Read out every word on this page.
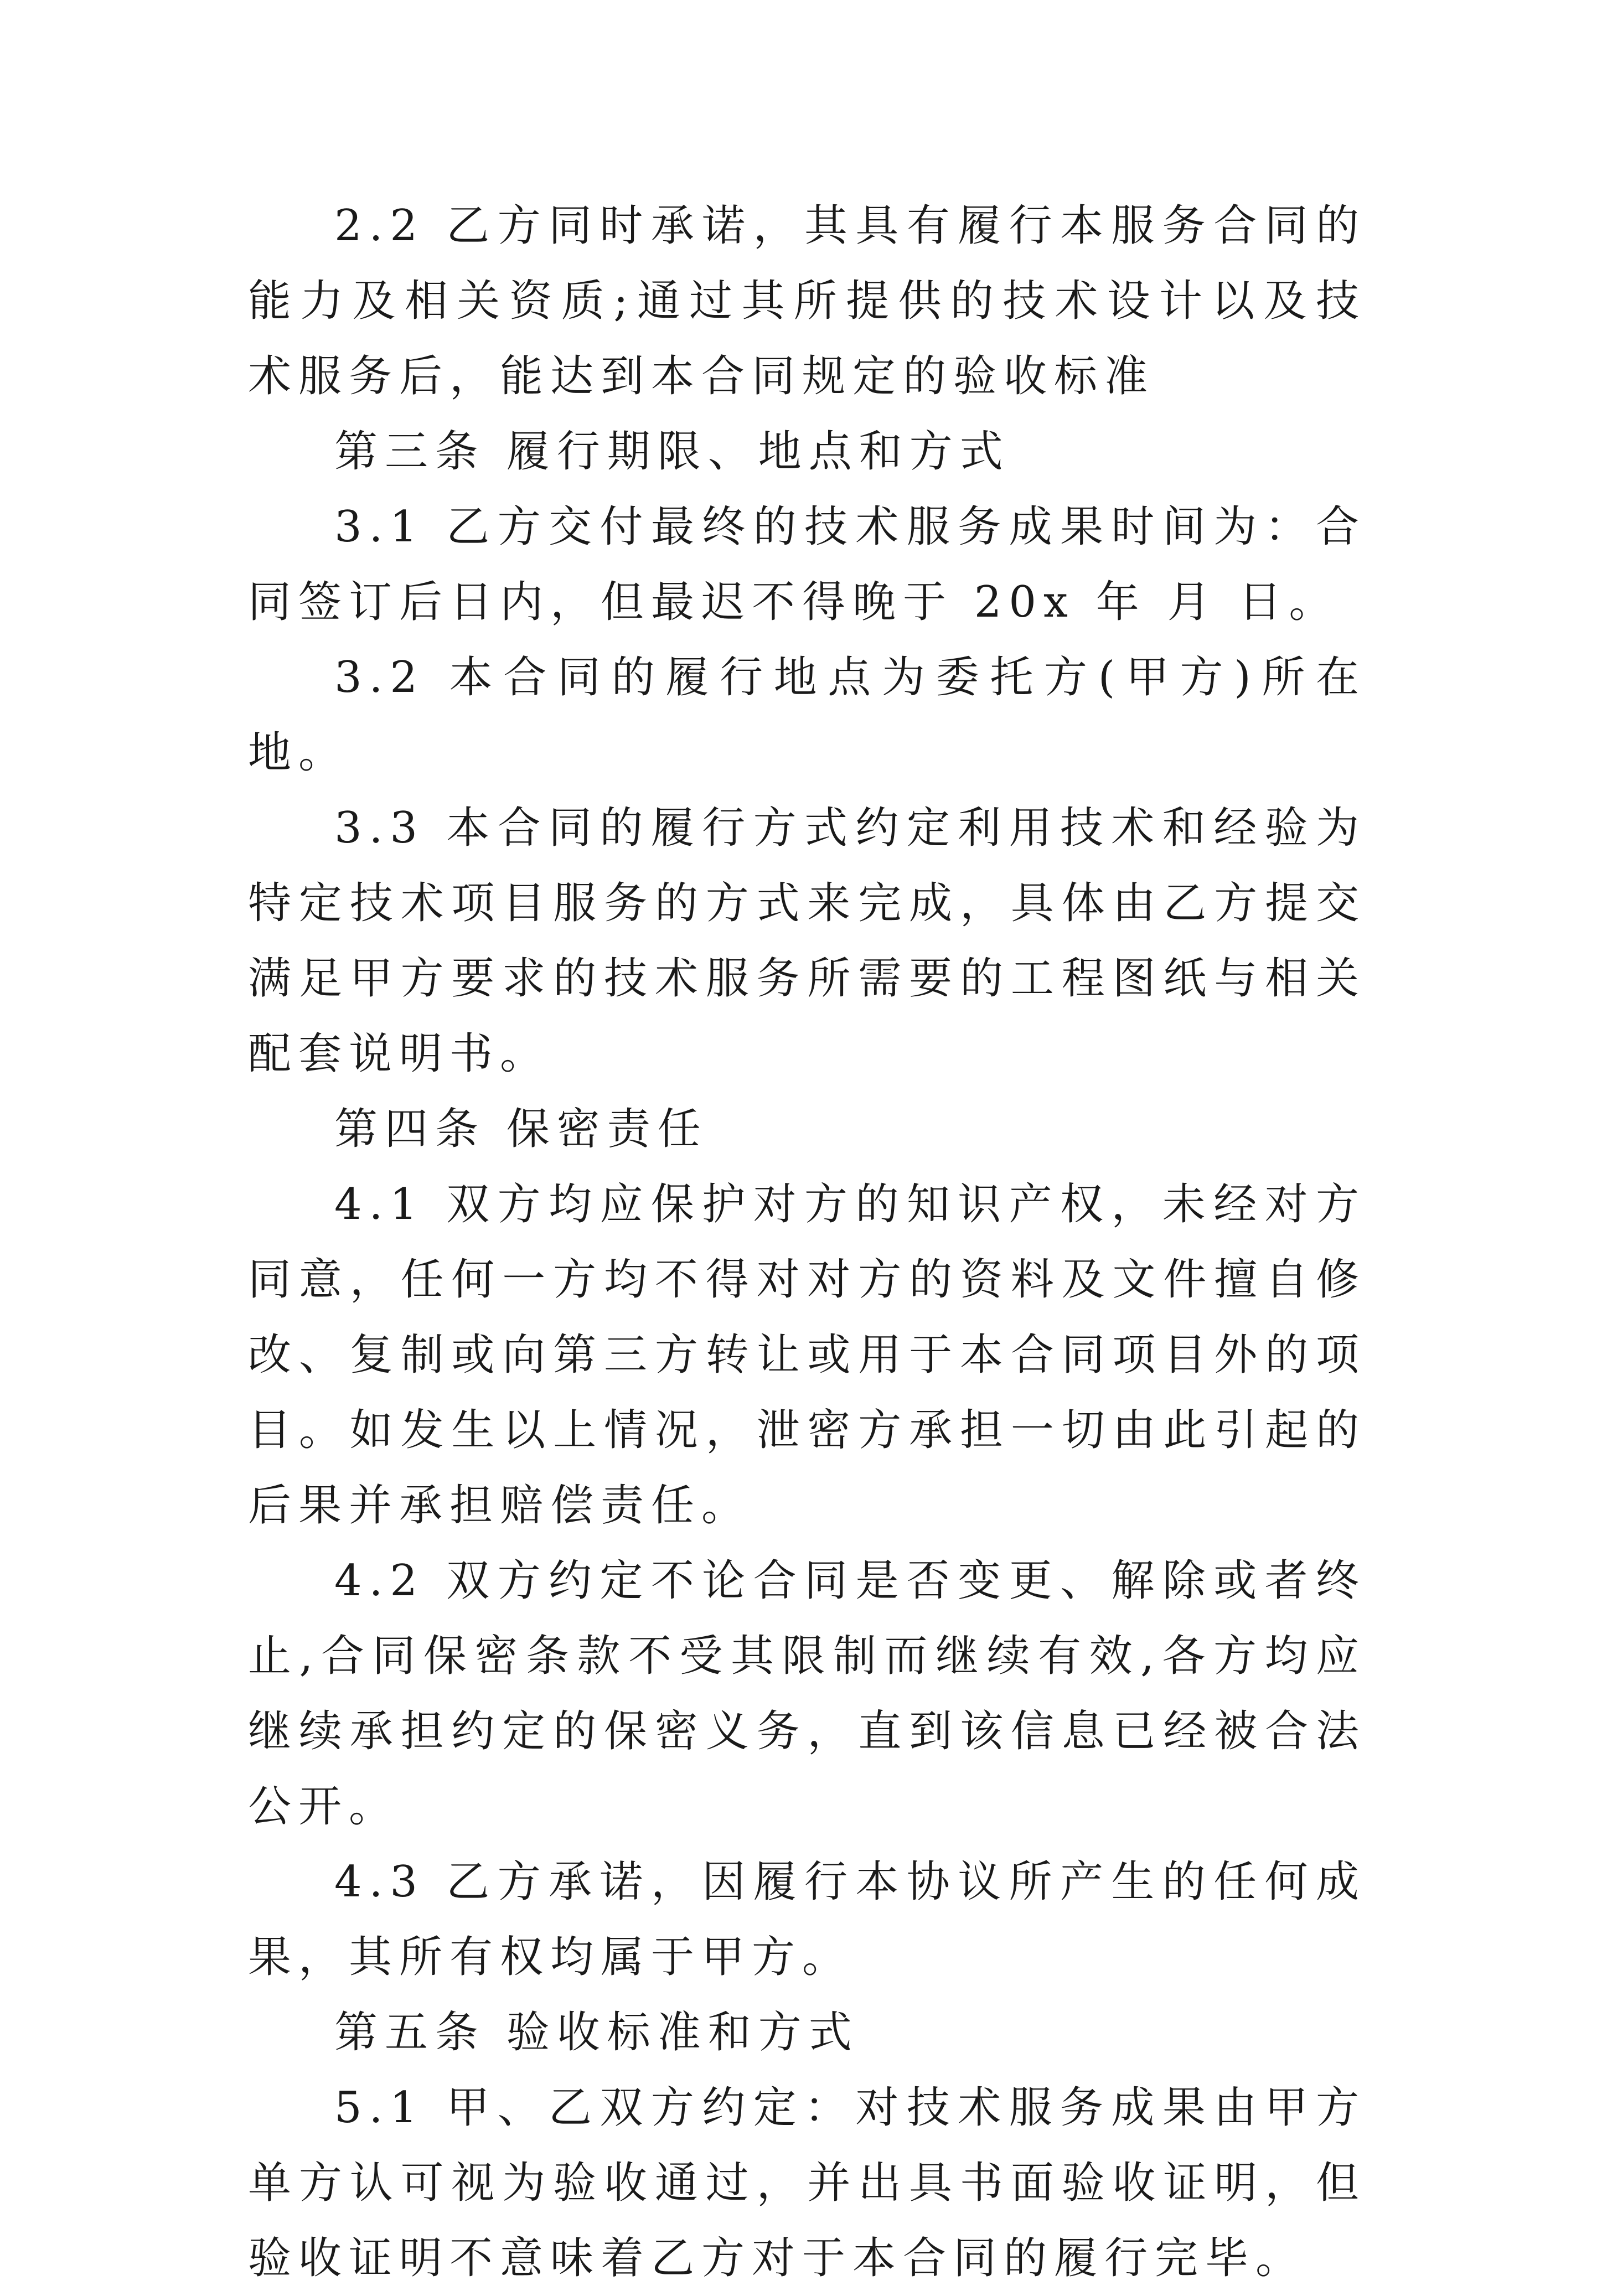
2.2 乙方同时承诺，其具有履行本服务合同的能力及相关资质;通过其所提供的技术设计以及技术服务后，能达到本合同规定的验收标准

第三条 履行期限、地点和方式

3.1 乙方交付最终的技术服务成果时间为：合同签订后日内，但最迟不得晚于 20x 年 月 日。

3.2 本合同的履行地点为委托方(甲方)所在地。

3.3 本合同的履行方式约定利用技术和经验为特定技术项目服务的方式来完成，具体由乙方提交满足甲方要求的技术服务所需要的工程图纸与相关配套说明书。

第四条 保密责任

4.1 双方均应保护对方的知识产权，未经对方同意，任何一方均不得对对方的资料及文件擅自修改、复制或向第三方转让或用于本合同项目外的项目。如发生以上情况，泄密方承担一切由此引起的后果并承担赔偿责任。

4.2 双方约定不论合同是否变更、解除或者终止,合同保密条款不受其限制而继续有效,各方均应继续承担约定的保密义务，直到该信息已经被合法公开。

4.3 乙方承诺，因履行本协议所产生的任何成果，其所有权均属于甲方。

第五条 验收标准和方式

5.1 甲、乙双方约定：对技术服务成果由甲方单方认可视为验收通过，并出具书面验收证明，但验收证明不意味着乙方对于本合同的履行完毕。
